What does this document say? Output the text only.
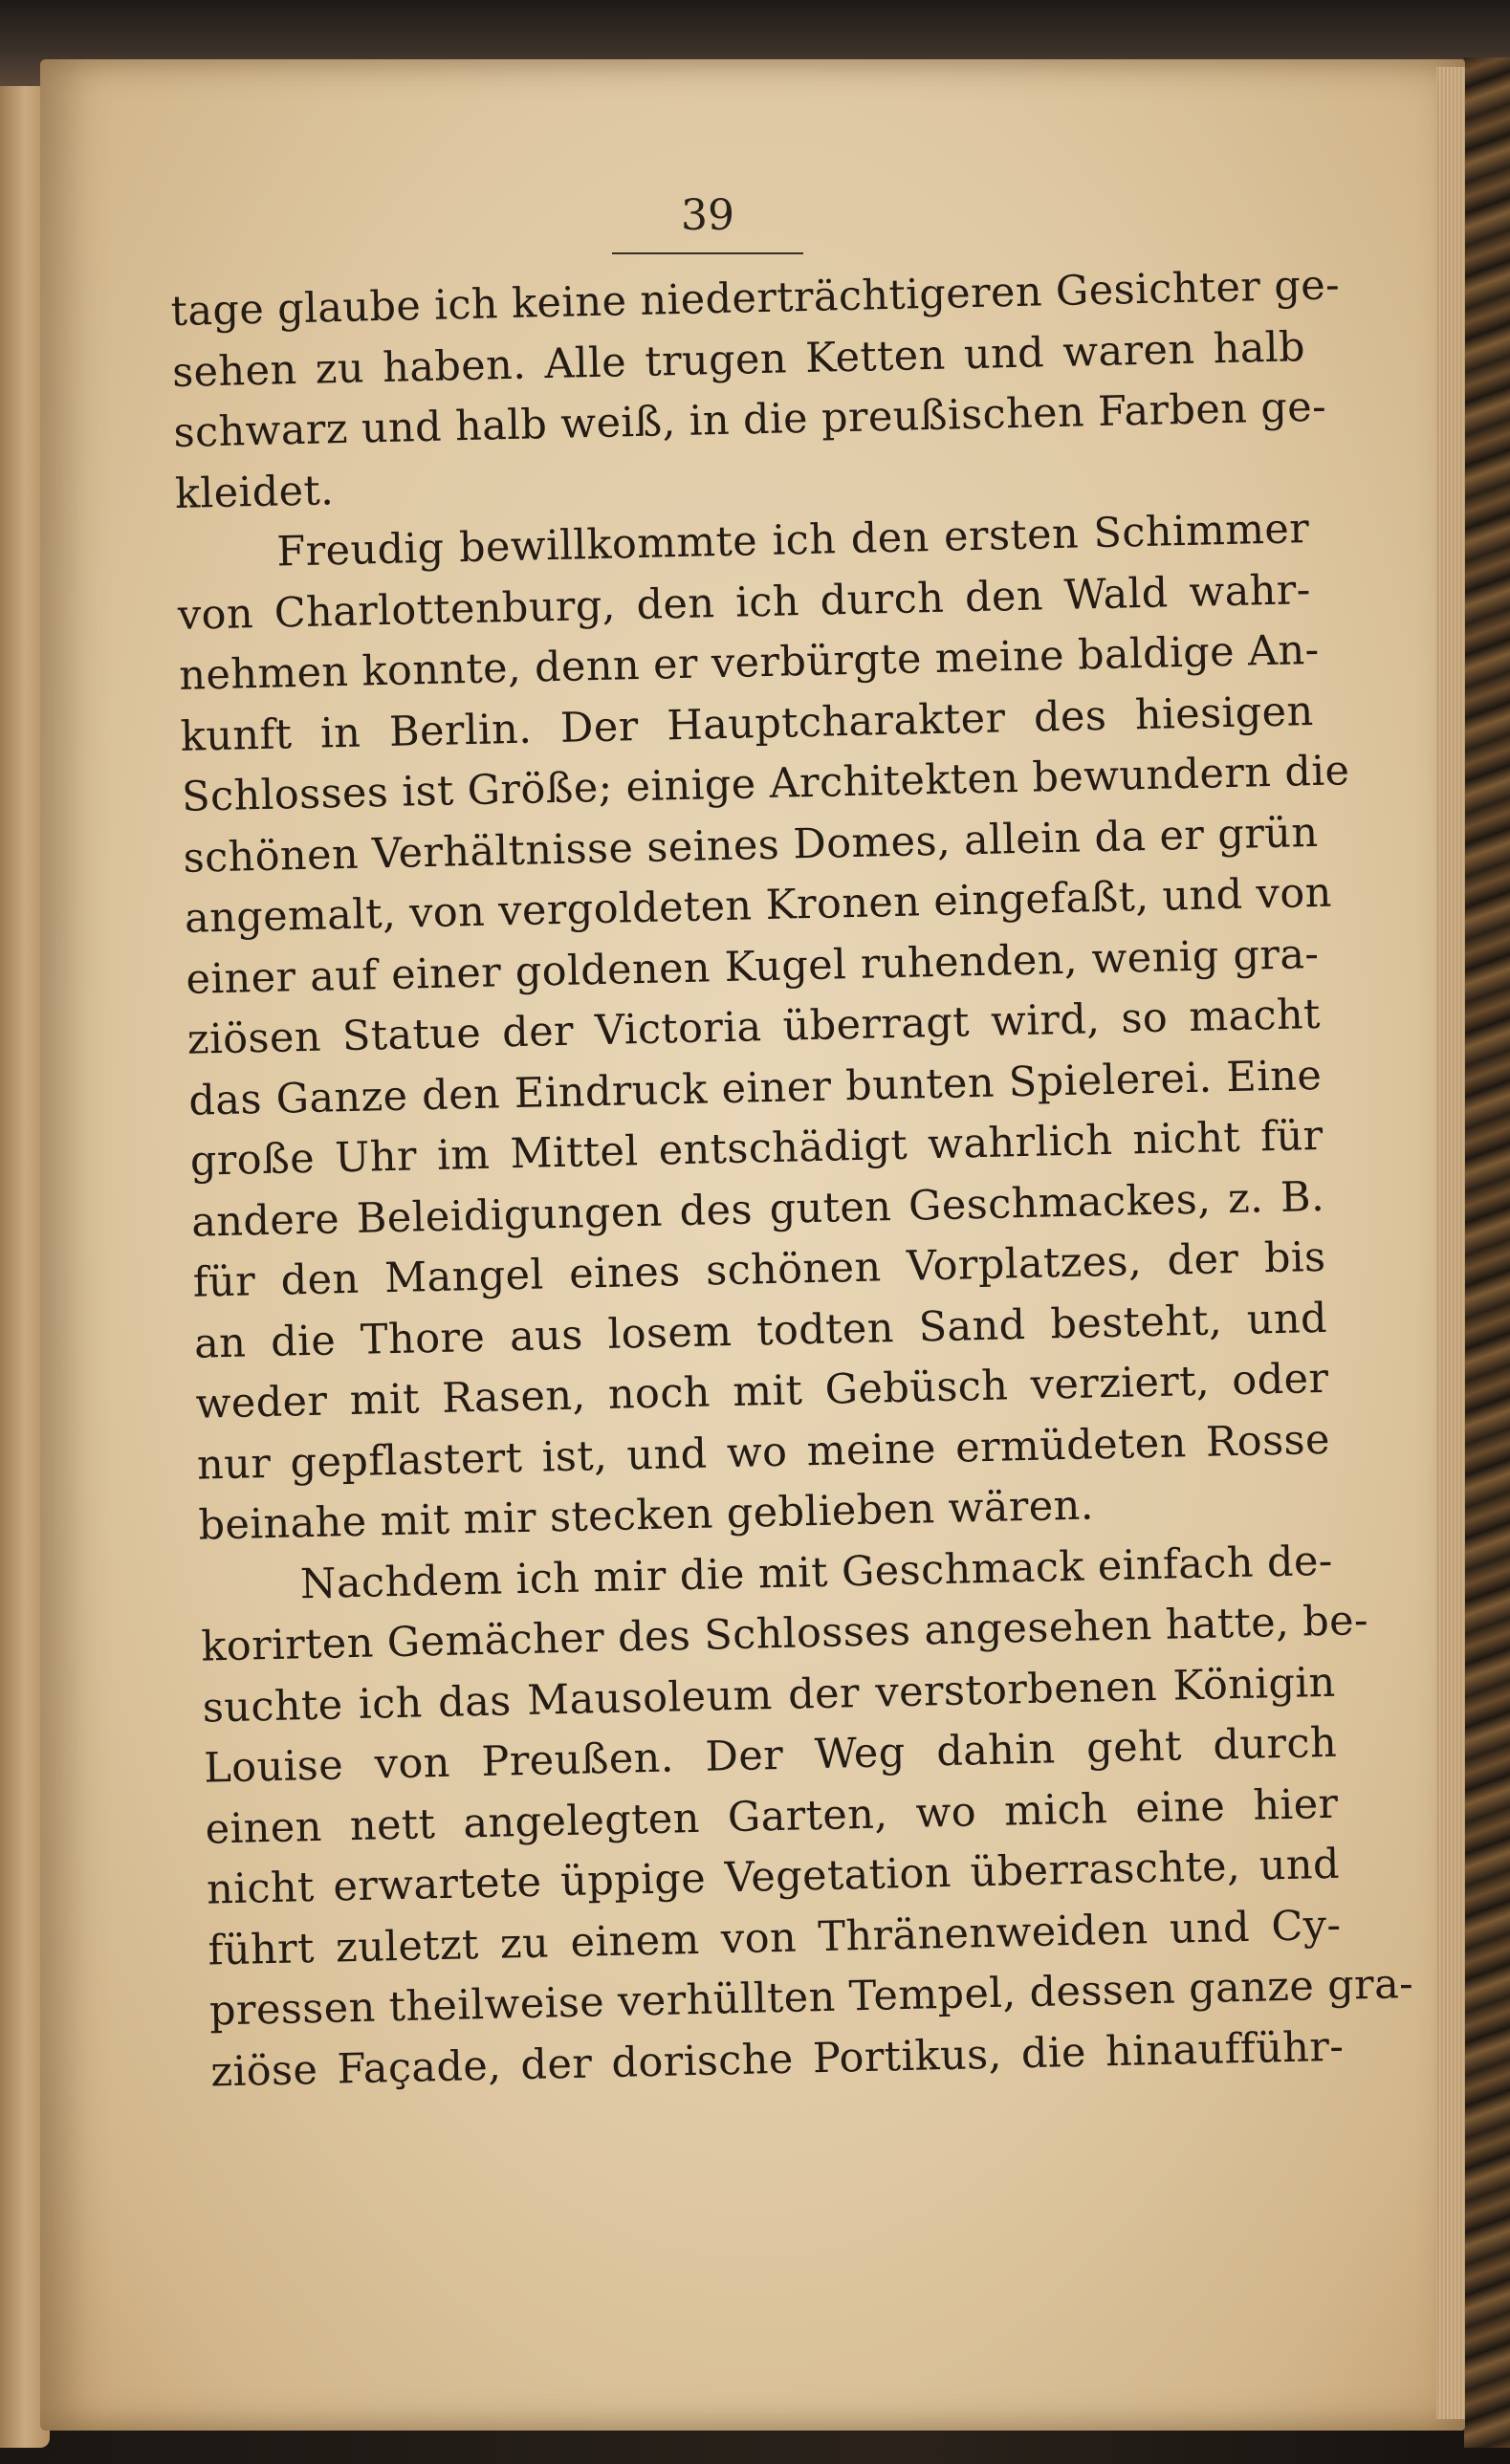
39
tage glaube ich keine niederträchtigeren Gesichter ge-
sehen zu haben. Alle trugen Ketten und waren halb
schwarz und halb weiß, in die preußischen Farben ge-
kleidet.
Freudig bewillkommte ich den ersten Schimmer
von Charlottenburg, den ich durch den Wald wahr-
nehmen konnte, denn er verbürgte meine baldige An-
kunft in Berlin. Der Hauptcharakter des hiesigen
Schlosses ist Größe; einige Architekten bewundern die
schönen Verhältnisse seines Domes, allein da er grün
angemalt, von vergoldeten Kronen eingefaßt, und von
einer auf einer goldenen Kugel ruhenden, wenig gra-
ziösen Statue der Victoria überragt wird, so macht
das Ganze den Eindruck einer bunten Spielerei. Eine
große Uhr im Mittel entschädigt wahrlich nicht für
andere Beleidigungen des guten Geschmackes, z. B.
für den Mangel eines schönen Vorplatzes, der bis
an die Thore aus losem todten Sand besteht, und
weder mit Rasen, noch mit Gebüsch verziert, oder
nur gepflastert ist, und wo meine ermüdeten Rosse
beinahe mit mir stecken geblieben wären.
Nachdem ich mir die mit Geschmack einfach de-
korirten Gemächer des Schlosses angesehen hatte, be-
suchte ich das Mausoleum der verstorbenen Königin
Louise von Preußen. Der Weg dahin geht durch
einen nett angelegten Garten, wo mich eine hier
nicht erwartete üppige Vegetation überraschte, und
führt zuletzt zu einem von Thränenweiden und Cy-
pressen theilweise verhüllten Tempel, dessen ganze gra-
ziöse Façade, der dorische Portikus, die hinaufführ-
